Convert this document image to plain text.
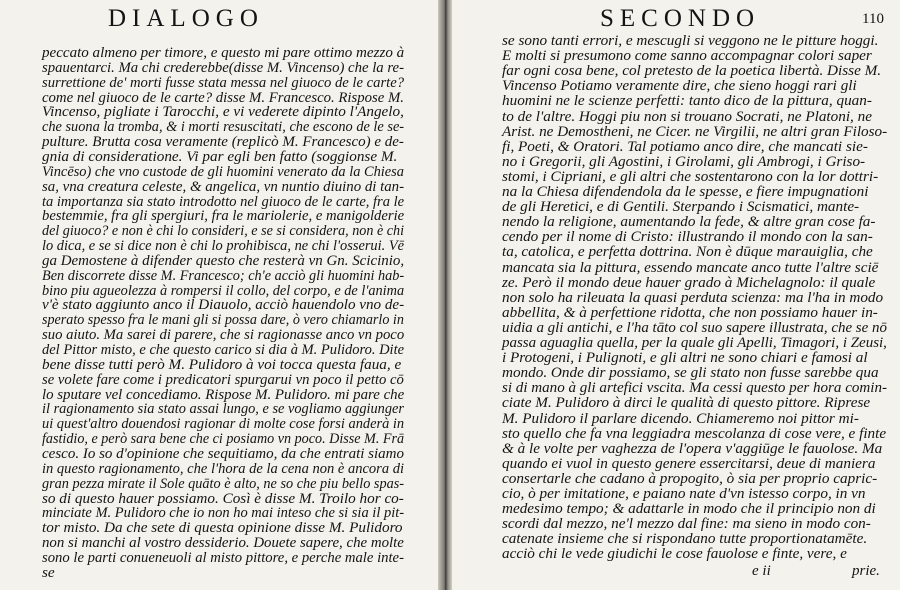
DIALOGO
peccato almeno per timore, e questo mi pare ottimo mezzo à
spauentarci. Ma chi crederebbe(disse M. Vincenso) che la re-
surrettione de' morti fusse stata messa nel giuoco de le carte?
come nel giuoco de le carte? disse M. Francesco. Rispose M.
Vincenso, pigliate i Tarocchi, e vi vederete dipinto l'Angelo,
che suona la tromba, & i morti resuscitati, che escono de le se-
pulture. Brutta cosa veramente (replicò M. Francesco) e de-
gnia di consideratione. Vi par egli ben fatto (soggionse M.
Vincēso) che vno custode de gli huomini venerato da la Chiesa
sa, vna creatura celeste, & angelica, vn nuntio diuino di tan-
ta importanza sia stato introdotto nel giuoco de le carte, fra le
bestemmie, fra gli spergiuri, fra le mariolerie, e manigolderie
del giuoco? e non è chi lo consideri, e se si considera, non è chi
lo dica, e se si dice non è chi lo prohibisca, ne chi l'osserui. Vē
ga Demostene à difender questo che resterà vn Gn. Scicinio,
Ben discorrete disse M. Francesco; ch'e acciò gli huomini hab-
bino piu agueolezza à rompersi il collo, del corpo, e de l'anima
v'è stato aggiunto anco il Diauolo, acciò hauendolo vno de-
sperato spesso fra le mani gli si possa dare, ò vero chiamarlo in
suo aiuto. Ma sarei di parere, che si ragionasse anco vn poco
del Pittor misto, e che questo carico si dia à M. Pulidoro. Dite
bene disse tutti però M. Pulidoro à voi tocca questa faua, e
se volete fare come i predicatori spurgarui vn poco il petto cō
lo sputare vel concediamo. Rispose M. Pulidoro. mi pare che
il ragionamento sia stato assai lungo, e se vogliamo aggiunger
ui quest'altro douendosi ragionar di molte cose forsi anderà in
fastidio, e però sara bene che ci posiamo vn poco. Disse M. Frā
cesco. Io so d'opinione che sequitiamo, da che entrati siamo
in questo ragionamento, che l'hora de la cena non è ancora di
gran pezza mirate il Sole quāto è alto, ne so che piu bello spas-
so di questo hauer possiamo. Così è disse M. Troilo hor co-
minciate M. Pulidoro che io non ho mai inteso che si sia il pit-
tor misto. Da che sete di questa opinione disse M. Pulidoro
non si manchi al vostro dessiderio. Douete sapere, che molte
sono le parti conueneuoli al misto pittore, e perche male inte-
se
SECONDO	110
se sono tanti errori, e mescugli si veggono ne le pitture hoggi.
E molti si presumono come sanno accompagnar colori saper
far ogni cosa bene, col pretesto de la poetica libertà. Disse M.
Vincenso Potiamo veramente dire, che sieno hoggi rari gli
huomini ne le scienze perfetti: tanto dico de la pittura, quan-
to de l'altre. Hoggi piu non si trouano Socrati, ne Platoni, ne
Arist. ne Demostheni, ne Cicer. ne Virgilii, ne altri gran Filoso-
fi, Poeti, & Oratori. Tal potiamo anco dire, che mancati sie-
no i Gregorii, gli Agostini, i Girolami, gli Ambrogi, i Griso-
stomi, i Cipriani, e gli altri che sostentarono con la lor dottri-
na la Chiesa difendendola da le spesse, e fiere impugnationi
de gli Heretici, e di Gentili. Sterpando i Scismatici, mante-
nendo la religione, aumentando la fede, & altre gran cose fa-
cendo per il nome di Cristo: illustrando il mondo con la san-
ta, catolica, e perfetta dottrina. Non è dūque marauiglia, che
mancata sia la pittura, essendo mancate anco tutte l'altre sciē
ze. Però il mondo deue hauer grado à Michelagnolo: il quale
non solo ha rileuata la quasi perduta scienza: ma l'ha in modo
abbellita, & à perfettione ridotta, che non possiamo hauer in-
uidia a gli antichi, e l'ha tāto col suo sapere illustrata, che se nō
passa aguaglia quella, per la quale gli Apelli, Timagori, i Zeusi,
i Protogeni, i Pulignoti, e gli altri ne sono chiari e famosi al
mondo. Onde dir possiamo, se gli stato non fusse sarebbe qua
si di mano à gli artefici vscita. Ma cessi questo per hora comin-
ciate M. Pulidoro à dirci le qualità di questo pittore. Riprese
M. Pulidoro il parlare dicendo. Chiameremo noi pittor mi-
sto quello che fa vna leggiadra mescolanza di cose vere, e finte
& à le volte per vaghezza de l'opera v'aggiūge le fauolose. Ma
quando ei vuol in questo genere essercitarsi, deue di maniera
consertarle che cadano à propogito, ò sia per proprio capric-
cio, ò per imitatione, e paiano nate d'vn istesso corpo, in vn
medesimo tempo; & adattarle in modo che il principio non di
scordi dal mezzo, ne'l mezzo dal fine: ma sieno in modo con-
catenate insieme che si rispondano tutte proportionatamēte.
acciò chi le vede giudichi le cose fauolose e finte, vere, e
e ii	prie.
